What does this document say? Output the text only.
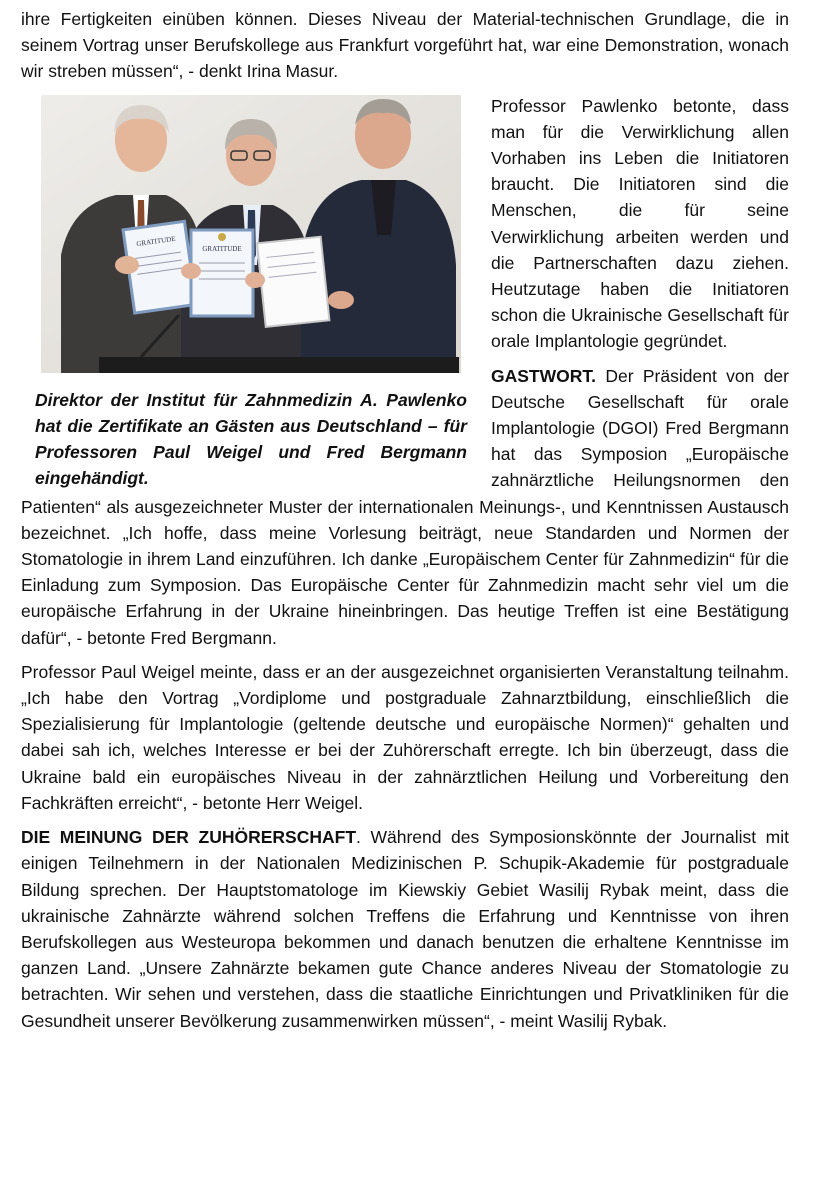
ihre Fertigkeiten einüben können. Dieses Niveau der Material-technischen Grundlage, die in seinem Vortrag unser Berufskollege aus Frankfurt vorgeführt hat, war eine Demonstration, wonach wir streben müssen“, - denkt Irina Masur.

GRATITUDE
GRATITUDE
Direktor der Institut für Zahnmedizin A. Pawlenko hat die Zertifikate an Gästen aus Deutschland – für Professoren Paul Weigel und Fred Bergmann eingehändigt.

Professor Pawlenko betonte, dass man für die Verwirklichung allen Vorhaben ins Leben die Initiatoren braucht. Die Initiatoren sind die Menschen, die für seine Verwirklichung arbeiten werden und die Partnerschaften dazu ziehen. Heutzutage haben die Initiatoren schon die Ukrainische Gesellschaft für orale Implantologie gegründet.

GASTWORT. Der Präsident von der Deutsche Gesellschaft für orale Implantologie (DGOI) Fred Bergmann hat das Symposion „Europäische zahnärztliche Heilungsnormen den Patienten“ als ausgezeichneter Muster der internationalen Meinungs-, und Kenntnissen Austausch bezeichnet. „Ich hoffe, dass meine Vorlesung beiträgt, neue Standarden und Normen der Stomatologie in ihrem Land einzuführen. Ich danke „Europäischem Center für Zahnmedizin“ für die Einladung zum Symposion. Das Europäische Center für Zahnmedizin macht sehr viel um die europäische Erfahrung in der Ukraine hineinbringen. Das heutige Treffen ist eine Bestätigung dafür“, - betonte Fred Bergmann.

Professor Paul Weigel meinte, dass er an der ausgezeichnet organisierten Veranstaltung teilnahm. „Ich habe den Vortrag „Vordiplome und postgraduale Zahnarztbildung, einschließlich die Spezialisierung für Implantologie (geltende deutsche und europäische Normen)“ gehalten und dabei sah ich, welches Interesse er bei der Zuhörerschaft erregte. Ich bin überzeugt, dass die Ukraine bald ein europäisches Niveau in der zahnärztlichen Heilung und Vorbereitung den Fachkräften erreicht“, - betonte Herr Weigel.

DIE MEINUNG DER ZUHÖRERSCHAFT. Während des Symposionskönnte der Journalist mit einigen Teilnehmern in der Nationalen Medizinischen P. Schupik-Akademie für postgraduale Bildung sprechen. Der Hauptstomatologe im Kiewskiy Gebiet Wasilij Rybak meint, dass die ukrainische Zahnärzte während solchen Treffens die Erfahrung und Kenntnisse von ihren Berufskollegen aus Westeuropa bekommen und danach benutzen die erhaltene Kenntnisse im ganzen Land. „Unsere Zahnärzte bekamen gute Chance anderes Niveau der Stomatologie zu betrachten. Wir sehen und verstehen, dass die staatliche Einrichtungen und Privatkliniken für die Gesundheit unserer Bevölkerung zusammenwirken müssen“, - meint Wasilij Rybak.
